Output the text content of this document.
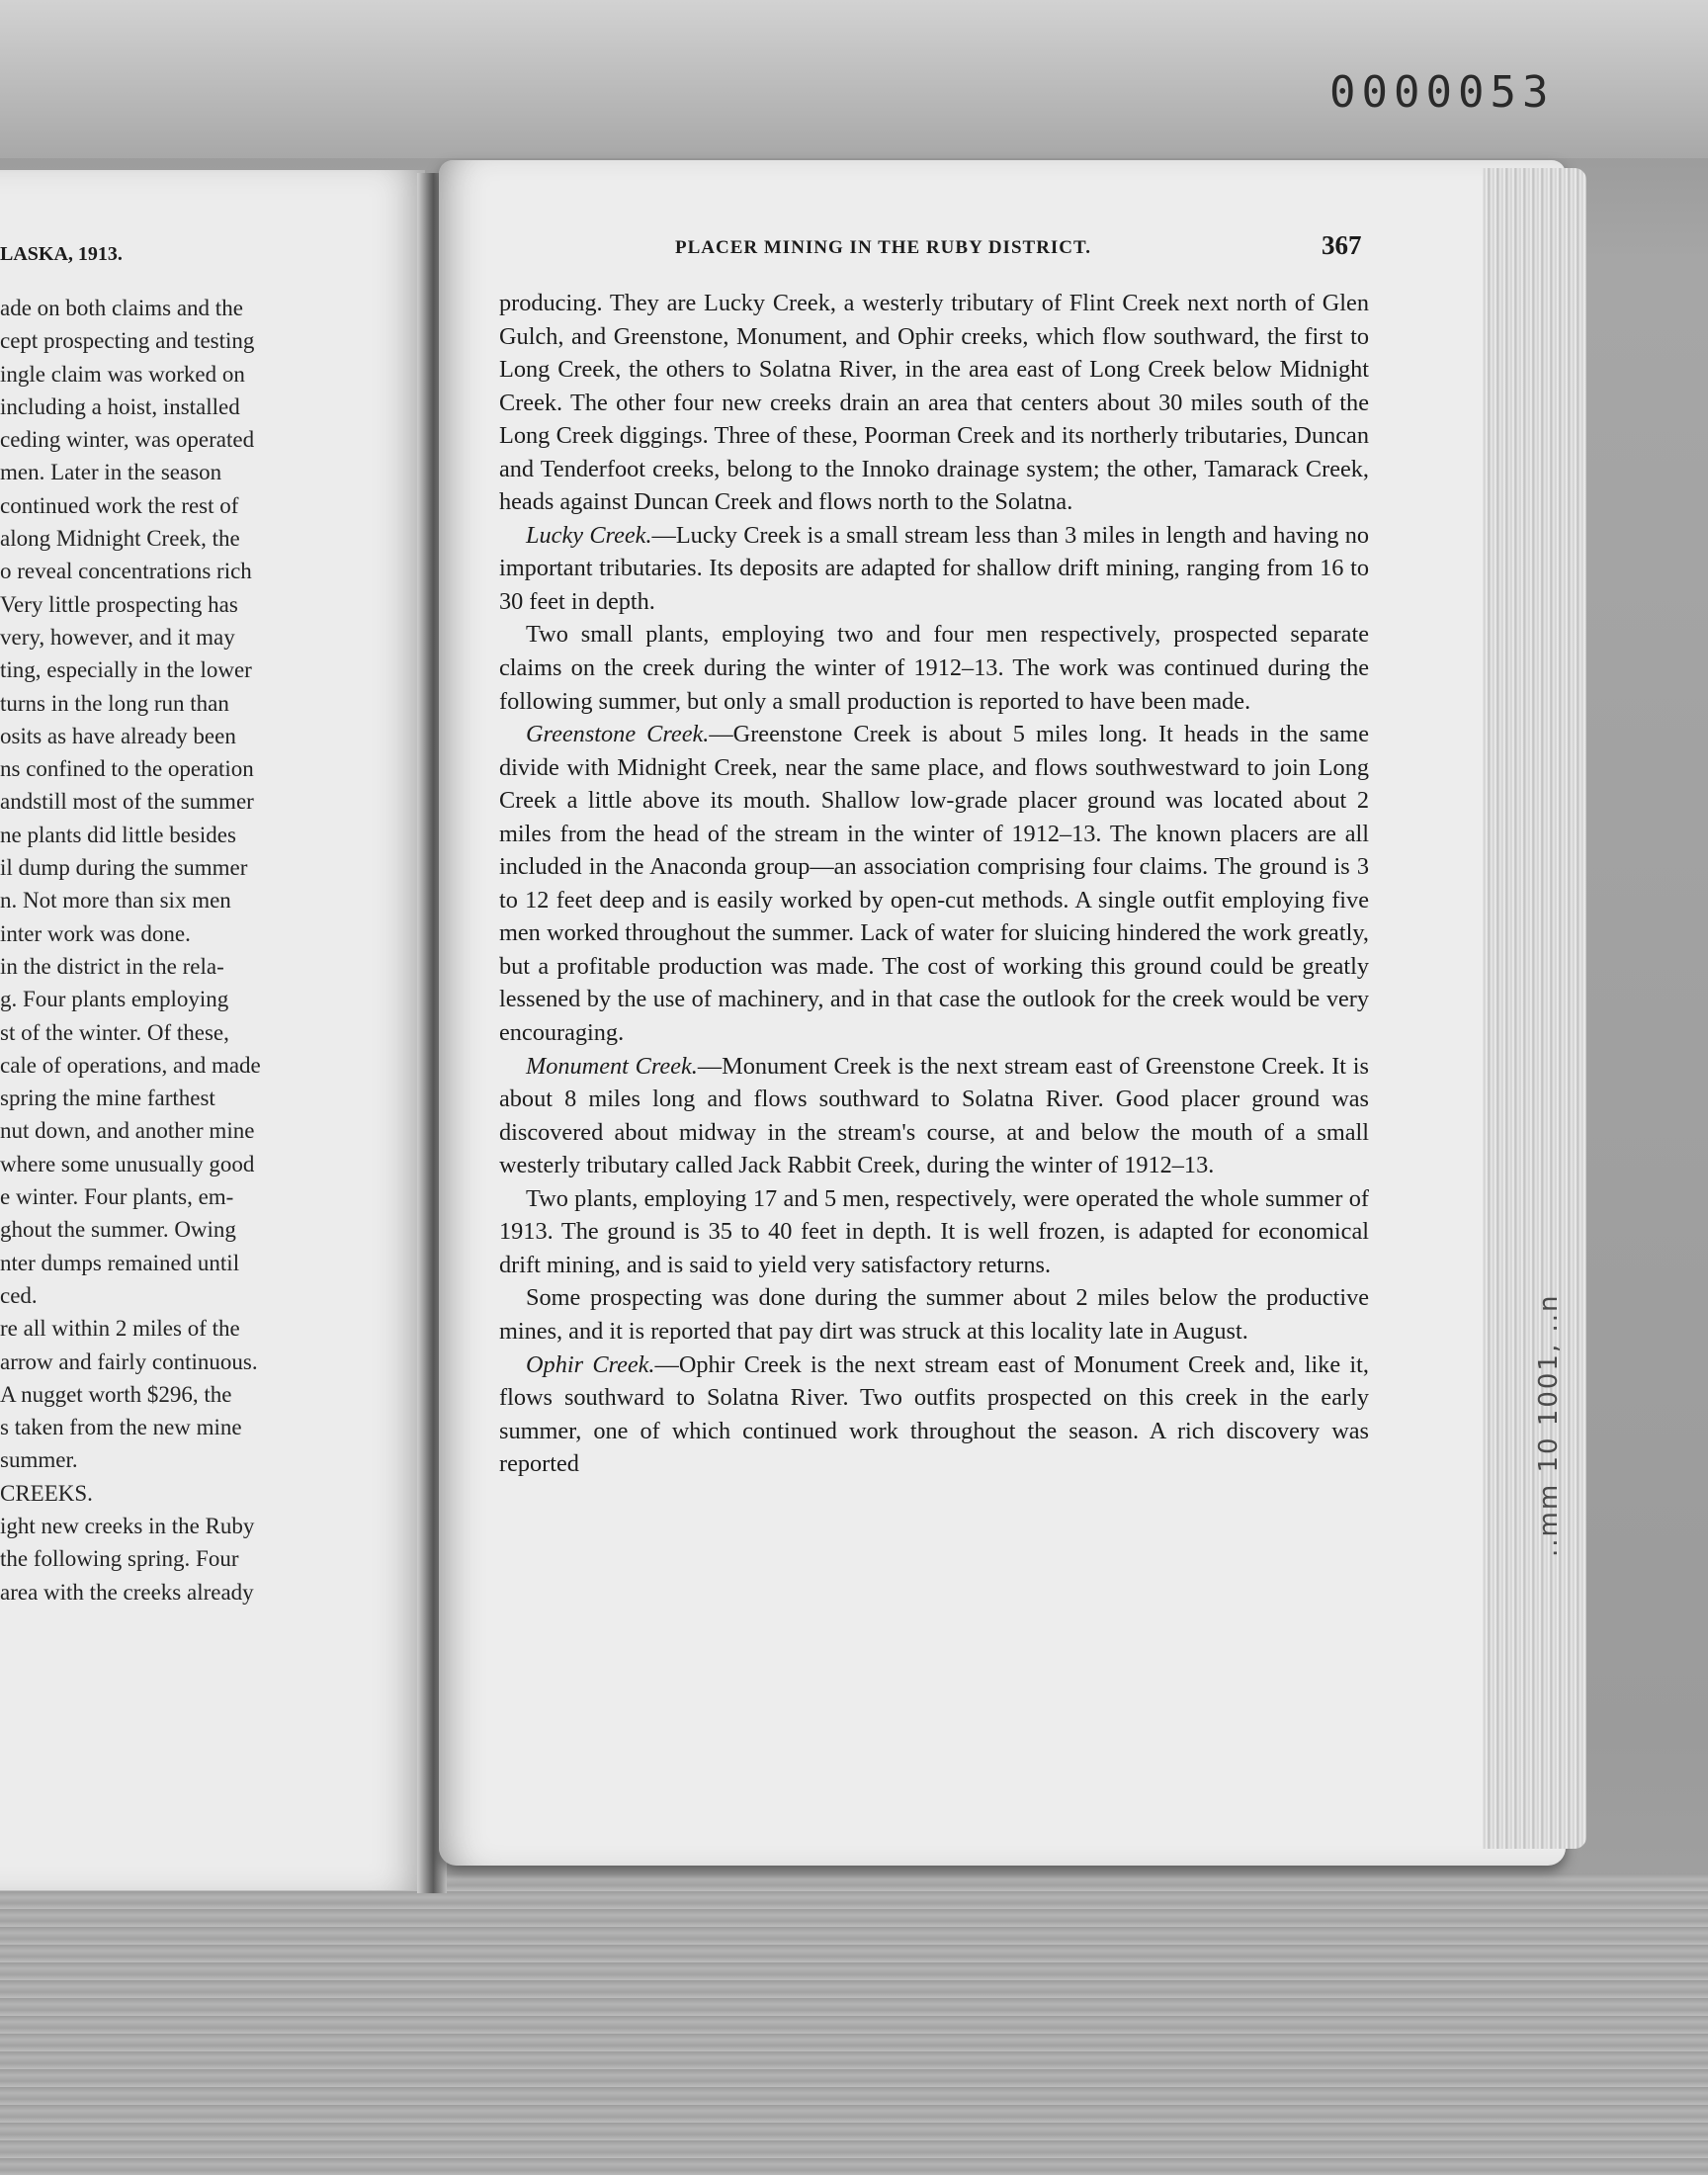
0000053
LASKA, 1913.
ade on both claims and the
cept prospecting and testing
ingle claim was worked on
including a hoist, installed
ceding winter, was operated
men. Later in the season
continued work the rest of
along Midnight Creek, the
o reveal concentrations rich
Very little prospecting has
very, however, and it may
ting, especially in the lower
turns in the long run than
osits as have already been
ns confined to the operation
andstill most of the summer
ne plants did little besides
il dump during the summer
n. Not more than six men
inter work was done.
in the district in the rela-
g. Four plants employing
st of the winter. Of these,
cale of operations, and made
spring the mine farthest
nut down, and another mine
where some unusually good
e winter. Four plants, em-
ghout the summer. Owing
nter dumps remained until
ced.
re all within 2 miles of the
arrow and fairly continuous.
A nugget worth $296, the
s taken from the new mine
summer.
CREEKS.
ight new creeks in the Ruby
the following spring. Four
area with the creeks already
..mm 10 1001, ..n
PLACER MINING IN THE RUBY DISTRICT.	367

producing. They are Lucky Creek, a westerly tributary of Flint Creek next north of Glen Gulch, and Greenstone, Monument, and Ophir creeks, which flow southward, the first to Long Creek, the others to Solatna River, in the area east of Long Creek below Midnight Creek. The other four new creeks drain an area that centers about 30 miles south of the Long Creek diggings. Three of these, Poorman Creek and its northerly tributaries, Duncan and Tenderfoot creeks, belong to the Innoko drainage system; the other, Tamarack Creek, heads against Duncan Creek and flows north to the Solatna.

Lucky Creek.—Lucky Creek is a small stream less than 3 miles in length and having no important tributaries. Its deposits are adapted for shallow drift mining, ranging from 16 to 30 feet in depth.

Two small plants, employing two and four men respectively, prospected separate claims on the creek during the winter of 1912–13. The work was continued during the following summer, but only a small production is reported to have been made.

Greenstone Creek.—Greenstone Creek is about 5 miles long. It heads in the same divide with Midnight Creek, near the same place, and flows southwestward to join Long Creek a little above its mouth. Shallow low-grade placer ground was located about 2 miles from the head of the stream in the winter of 1912–13. The known placers are all included in the Anaconda group—an association comprising four claims. The ground is 3 to 12 feet deep and is easily worked by open-cut methods. A single outfit employing five men worked throughout the summer. Lack of water for sluicing hindered the work greatly, but a profitable production was made. The cost of working this ground could be greatly lessened by the use of machinery, and in that case the outlook for the creek would be very encouraging.

Monument Creek.—Monument Creek is the next stream east of Greenstone Creek. It is about 8 miles long and flows southward to Solatna River. Good placer ground was discovered about midway in the stream's course, at and below the mouth of a small westerly tributary called Jack Rabbit Creek, during the winter of 1912–13.

Two plants, employing 17 and 5 men, respectively, were operated the whole summer of 1913. The ground is 35 to 40 feet in depth. It is well frozen, is adapted for economical drift mining, and is said to yield very satisfactory returns.

Some prospecting was done during the summer about 2 miles below the productive mines, and it is reported that pay dirt was struck at this locality late in August.

Ophir Creek.—Ophir Creek is the next stream east of Monument Creek and, like it, flows southward to Solatna River. Two outfits prospected on this creek in the early summer, one of which continued work throughout the season. A rich discovery was reported
